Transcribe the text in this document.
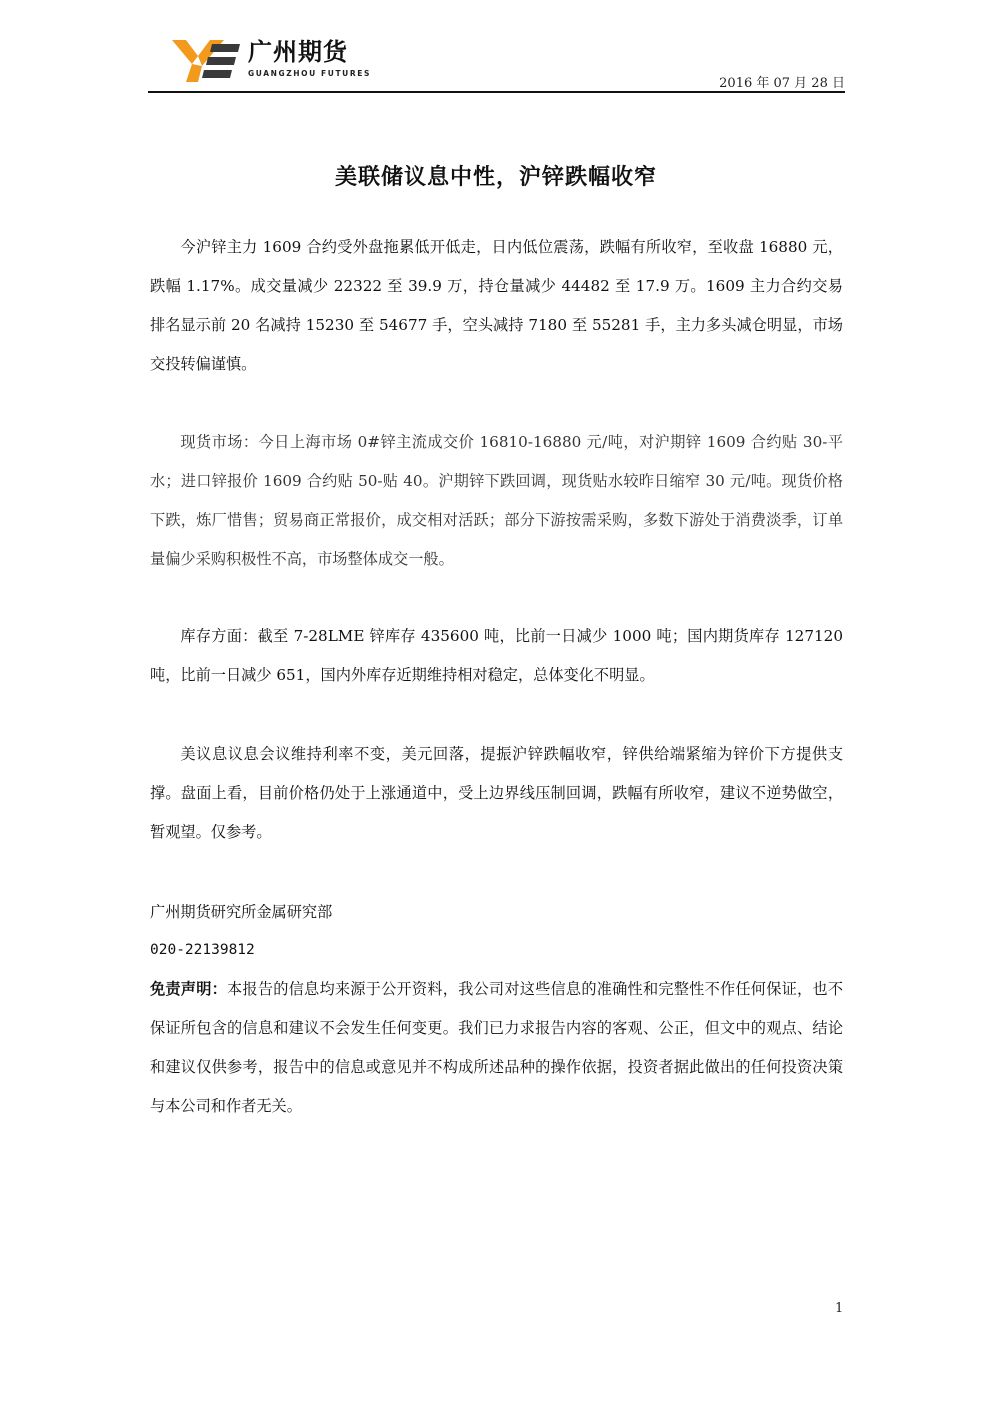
广州期货
GUANGZHOU FUTURES
2016 年 07 月 28 日
美联储议息中性，沪锌跌幅收窄

今沪锌主力 1609 合约受外盘拖累低开低走，日内低位震荡，跌幅有所收窄，至收盘 16880 元，跌幅 1.17%。成交量减少 22322 至 39.9 万，持仓量减少 44482 至 17.9 万。1609 主力合约交易排名显示前 20 名减持 15230 至 54677 手，空头减持 7180 至 55281 手，主力多头减仓明显，市场交投转偏谨慎。

现货市场：今日上海市场 0#锌主流成交价 16810-16880 元/吨，对沪期锌 1609 合约贴 30-平水；进口锌报价 1609 合约贴 50-贴 40。沪期锌下跌回调，现货贴水较昨日缩窄 30 元/吨。现货价格下跌，炼厂惜售；贸易商正常报价，成交相对活跃；部分下游按需采购，多数下游处于消费淡季，订单量偏少采购积极性不高，市场整体成交一般。

库存方面：截至 7-28LME 锌库存 435600 吨，比前一日减少 1000 吨；国内期货库存 127120 吨，比前一日减少 651，国内外库存近期维持相对稳定，总体变化不明显。

美议息议息会议维持利率不变，美元回落，提振沪锌跌幅收窄，锌供给端紧缩为锌价下方提供支撑。盘面上看，目前价格仍处于上涨通道中，受上边界线压制回调，跌幅有所收窄，建议不逆势做空，暂观望。仅参考。

广州期货研究所金属研究部
020-22139812

免责声明：本报告的信息均来源于公开资料，我公司对这些信息的准确性和完整性不作任何保证，也不保证所包含的信息和建议不会发生任何变更。我们已力求报告内容的客观、公正，但文中的观点、结论和建议仅供参考，报告中的信息或意见并不构成所述品种的操作依据，投资者据此做出的任何投资决策与本公司和作者无关。

1
